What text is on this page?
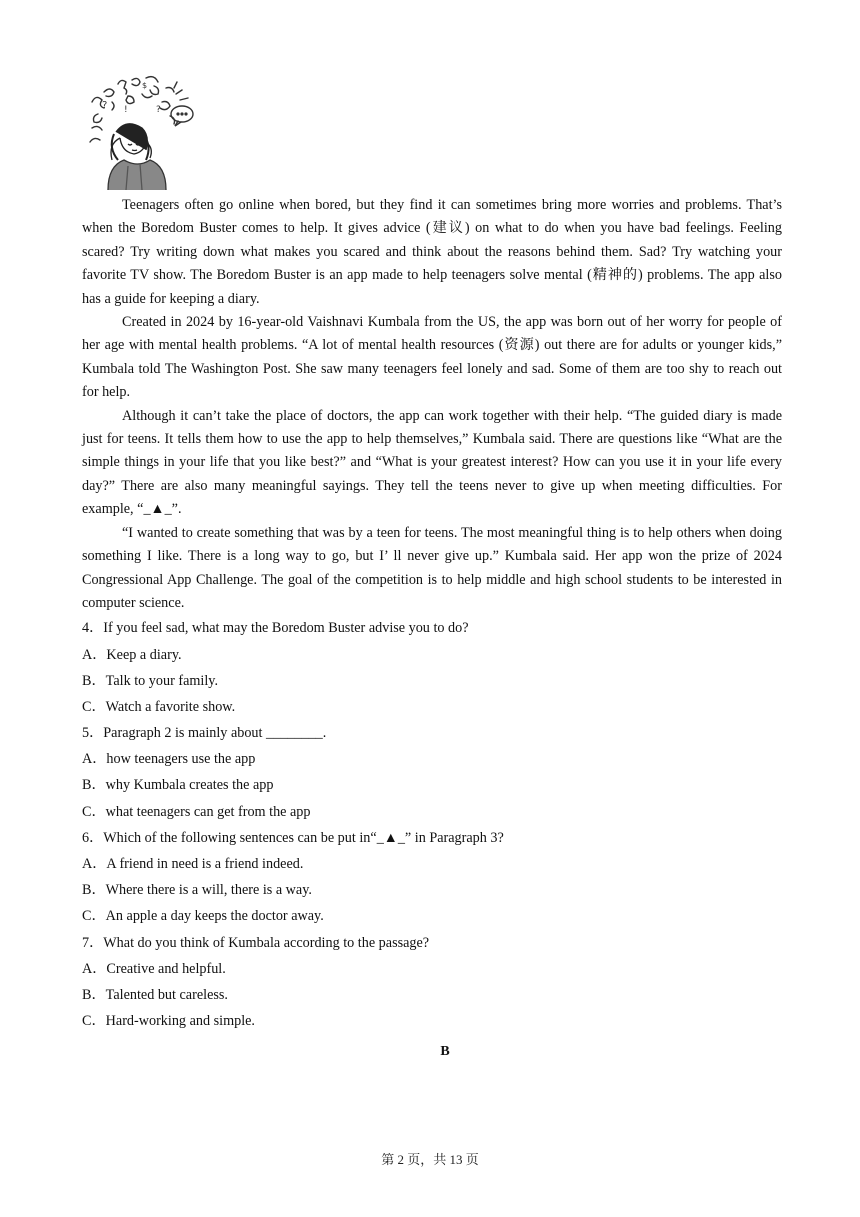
? !	?
$

Teenagers often go online when bored, but they find it can sometimes bring more worries and problems. That’s when the Boredom Buster comes to help. It gives advice (建议) on what to do when you have bad feelings. Feeling scared? Try writing down what makes you scared and think about the reasons behind them. Sad? Try watching your favorite TV show. The Boredom Buster is an app made to help teenagers solve mental (精神的) problems. The app also has a guide for keeping a diary.

Created in 2024 by 16-year-old Vaishnavi Kumbala from the US, the app was born out of her worry for people of her age with mental health problems. “A lot of mental health resources (资源) out there are for adults or younger kids,” Kumbala told The Washington Post. She saw many teenagers feel lonely and sad. Some of them are too shy to reach out for help.

Although it can’t take the place of doctors, the app can work together with their help. “The guided diary is made just for teens. It tells them how to use the app to help themselves,” Kumbala said. There are questions like “What are the simple things in your life that you like best?” and “What is your greatest interest? How can you use it in your life every day?” There are also many meaningful sayings. They tell the teens never to give up when meeting difficulties. For example, “_▲_”.

“I wanted to create something that was by a teen for teens. The most meaningful thing is to help others when doing something I like. There is a long way to go, but I’ ll never give up.” Kumbala said. Her app won the prize of 2024 Congressional App Challenge. The goal of the competition is to help middle and high school students to be interested in computer science.

4．If you feel sad, what may the Boredom Buster advise you to do?

A．Keep a diary.

B．Talk to your family.

C．Watch a favorite show.

5．Paragraph 2 is mainly about ________.

A．how teenagers use the app

B．why Kumbala creates the app

C．what teenagers can get from the app

6．Which of the following sentences can be put in“_▲_” in Paragraph 3?

A．A friend in need is a friend indeed.

B．Where there is a will, there is a way.

C．An apple a day keeps the doctor away.

7．What do you think of Kumbala according to the passage?

A．Creative and helpful.

B．Talented but careless.

C．Hard-working and simple.

B
第 2 页，共 13 页
